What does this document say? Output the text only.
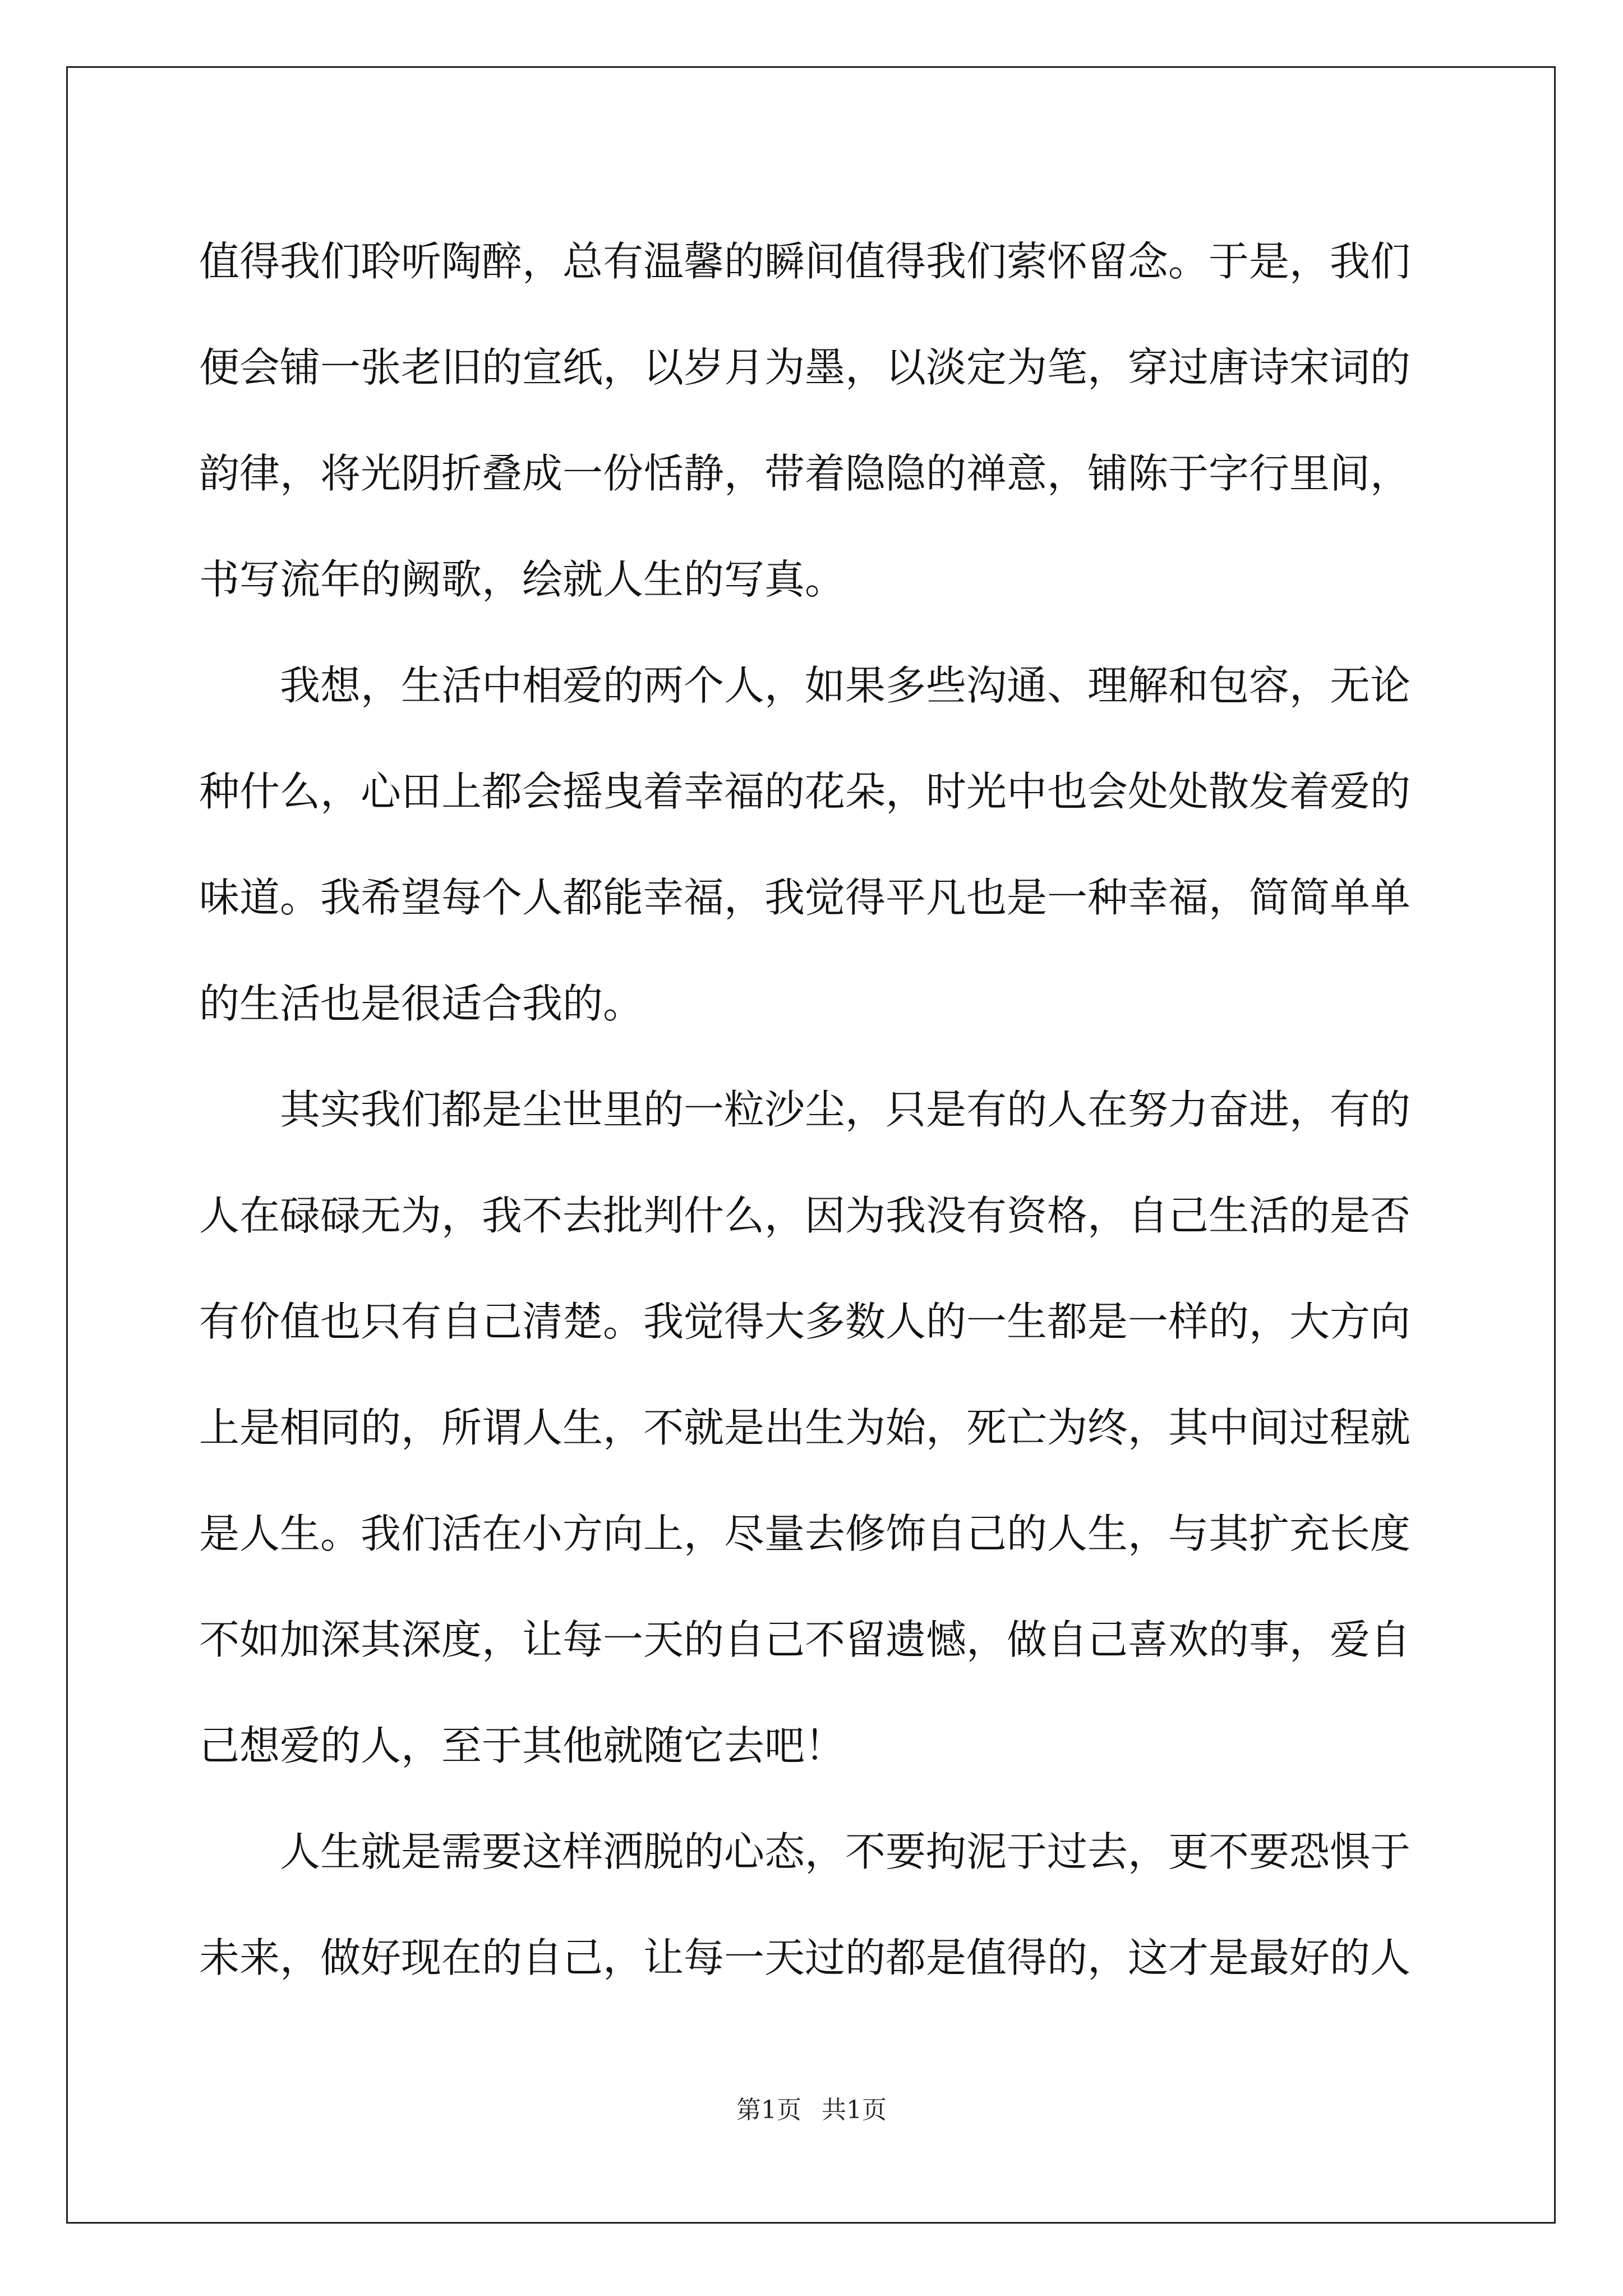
值得我们聆听陶醉，总有温馨的瞬间值得我们萦怀留念。于是，我们
便会铺一张老旧的宣纸，以岁月为墨，以淡定为笔，穿过唐诗宋词的
韵律，将光阴折叠成一份恬静，带着隐隐的禅意，铺陈于字行里间，
书写流年的阙歌，绘就人生的写真。
　　我想，生活中相爱的两个人，如果多些沟通、理解和包容，无论
种什么，心田上都会摇曳着幸福的花朵，时光中也会处处散发着爱的
味道。我希望每个人都能幸福，我觉得平凡也是一种幸福，简简单单
的生活也是很适合我的。
　　其实我们都是尘世里的一粒沙尘，只是有的人在努力奋进，有的
人在碌碌无为，我不去批判什么，因为我没有资格，自己生活的是否
有价值也只有自己清楚。我觉得大多数人的一生都是一样的，大方向
上是相同的，所谓人生，不就是出生为始，死亡为终，其中间过程就
是人生。我们活在小方向上，尽量去修饰自己的人生，与其扩充长度
不如加深其深度，让每一天的自己不留遗憾，做自己喜欢的事，爱自
己想爱的人，至于其他就随它去吧！
　　人生就是需要这样洒脱的心态，不要拘泥于过去，更不要恐惧于
未来，做好现在的自己，让每一天过的都是值得的，这才是最好的人
第1页 共1页
